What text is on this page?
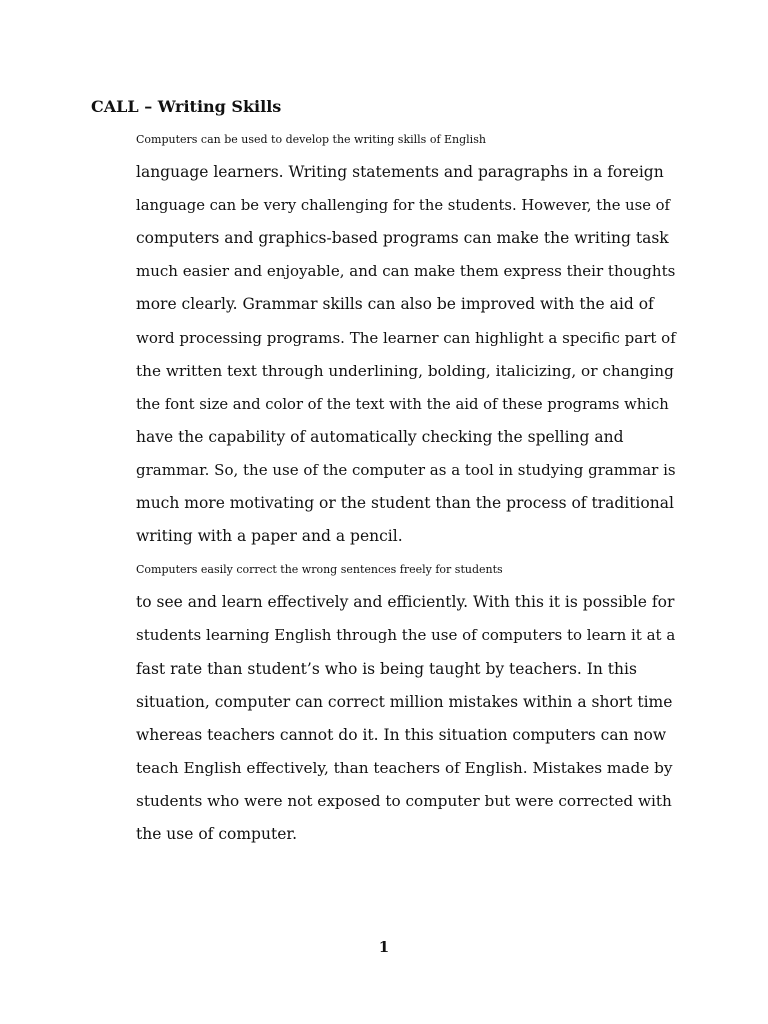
CALL – Writing Skills

Computers can be used to develop the writing skills of English
language learners. Writing statements and paragraphs in a foreign
language can be very challenging for the students. However, the use of
computers and graphics-based programs can make the writing task
much easier and enjoyable, and can make them express their thoughts
more clearly. Grammar skills can also be improved with the aid of
word processing programs. The learner can highlight a specific part of
the written text through underlining, bolding, italicizing, or changing
the font size and color of the text with the aid of these programs which
have the capability of automatically checking the spelling and
grammar. So, the use of the computer as a tool in studying grammar is
much more motivating or the student than the process of traditional
writing with a paper and a pencil.

Computers easily correct the wrong sentences freely for students
to see and learn effectively and efficiently. With this it is possible for
students learning English through the use of computers to learn it at a
fast rate than student’s who is being taught by teachers. In this
situation, computer can correct million mistakes within a short time
whereas teachers cannot do it. In this situation computers can now
teach English effectively, than teachers of English. Mistakes made by
students who were not exposed to computer but were corrected with
the use of computer.

1
